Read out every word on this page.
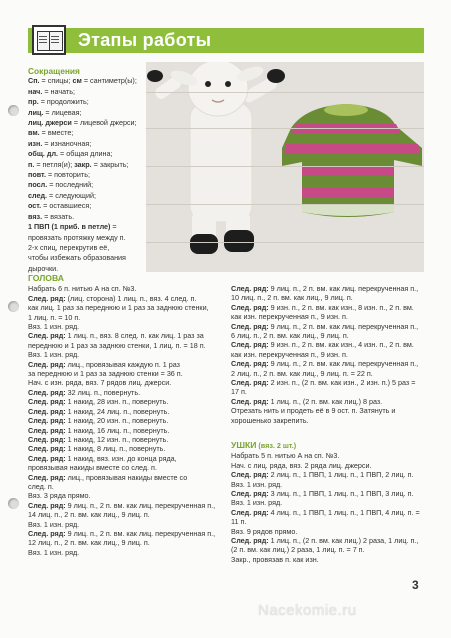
Этапы работы
Сокращения
Сп. = спицы; см = сантиметр(ы);
нач. = начать;
пр. = продолжить;
лиц. = лицевая;
лиц. джерси = лицевой джерси;
вм. = вместе;
изн. = изнаночная;
общ. дл. = общая длина;
п. = петля(и); закр. = закрыть;
повт. = повторить;
посл. = последний;
след. = следующий;
ост. = оставшиеся;
вяз. = вязать.
1 ПВП (1 приб. в петле) =
провязать протяжку между п.
2-х спиц, перекрутив её,
чтобы избежать образования
дырочки.
ГОЛОВА
Набрать 6 п. нитью А на сп. №3.
След. ряд: (лиц. сторона) 1 лиц. п., вяз. 4 след. п.
как лиц. 1 раз за переднюю и 1 раз за заднюю стенки,
1 лиц. п. = 10 п.
Вяз. 1 изн. ряд.
След. ряд: 1 лиц. п., вяз. 8 след. п. как лиц. 1 раз за
переднюю и 1 раз за заднюю стенки, 1 лиц. п. = 18 п.
Вяз. 1 изн. ряд.
След. ряд: лиц., провязывая каждую п. 1 раз
за переднюю и 1 раз за заднюю стенки = 36 п.
Нач. с изн. ряда, вяз. 7 рядов лиц. джерси.
След. ряд: 32 лиц. п., повернуть.
След. ряд: 1 накид, 28 изн. п., повернуть.
След. ряд: 1 накид, 24 лиц. п., повернуть.
След. ряд: 1 накид, 20 изн. п., повернуть.
След. ряд: 1 накид, 16 лиц. п., повернуть.
След. ряд: 1 накид, 12 изн. п., повернуть.
След. ряд: 1 накид, 8 лиц. п., повернуть.
След. ряд: 1 накид, вяз. изн. до конца ряда,
провязывая накиды вместе со след. п.
След. ряд: лиц., провязывая накиды вместе со
след. п.
Вяз. 3 ряда прямо.
След. ряд: 9 лиц. п., 2 п. вм. как лиц. перекрученная п.,
14 лиц. п., 2 п. вм. как лиц., 9 лиц. п.
Вяз. 1 изн. ряд.
След. ряд: 9 лиц. п., 2 п. вм. как лиц. перекрученная п.,
12 лиц. п., 2 п. вм. как лиц., 9 лиц. п.
Вяз. 1 изн. ряд.
След. ряд: 9 лиц. п., 2 п. вм. как лиц. перекрученная п.,
10 лиц. п., 2 п. вм. как лиц., 9 лиц. п.
След. ряд: 9 изн. п., 2 п. вм. как изн., 8 изн. п., 2 п. вм.
как изн. перекрученная п., 9 изн. п.
След. ряд: 9 лиц. п., 2 п. вм. как лиц. перекрученная п.,
6 лиц. п., 2 п. вм. как лиц., 9 лиц. п.
След. ряд: 9 изн. п., 2 п. вм. как изн., 4 изн. п., 2 п. вм.
как изн. перекрученная п., 9 изн. п.
След. ряд: 9 лиц. п., 2 п. вм. как лиц. перекрученная п.,
2 лиц. п., 2 п. вм. как лиц., 9 лиц. п. = 22 п.
След. ряд: 2 изн. п., (2 п. вм. как изн., 2 изн. п.) 5 раз =
17 п.
След. ряд: 1 лиц. п., (2 п. вм. как лиц.) 8 раз.
Отрезать нить и продеть её в 9 ост. п. Затянуть и
хорошенько закрепить.
УШКИ (вяз. 2 шт.)
Набрать 5 п. нитью А на сп. №3.
Нач. с лиц. ряда, вяз. 2 ряда лиц. джерси.
След. ряд: 2 лиц. п., 1 ПВП, 1 лиц. п., 1 ПВП, 2 лиц. п.
Вяз. 1 изн. ряд.
След. ряд: 3 лиц. п., 1 ПВП, 1 лиц. п., 1 ПВП, 3 лиц. п.
Вяз. 1 изн. ряд.
След. ряд: 4 лиц. п., 1 ПВП, 1 лиц. п., 1 ПВП, 4 лиц. п. =
11 п.
Вяз. 9 рядов прямо.
След. ряд: 1 лиц. п., (2 п. вм. как лиц.) 2 раза, 1 лиц. п.,
(2 п. вм. как лиц.) 2 раза, 1 лиц. п. = 7 п.
Закр., провязав п. как изн.
3
Nacekomie.ru
